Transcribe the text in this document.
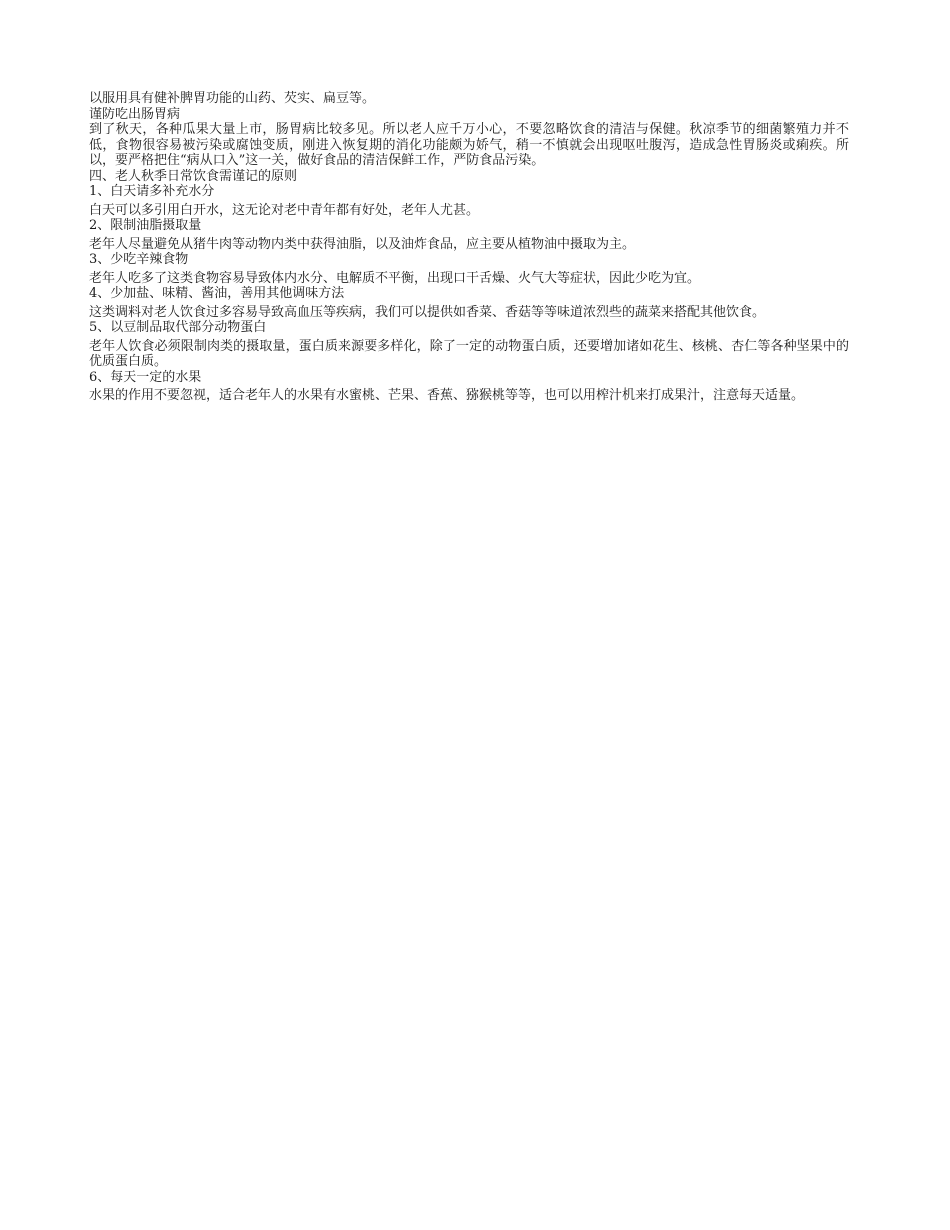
以服用具有健补脾胃功能的山药、芡实、扁豆等。

谨防吃出肠胃病

到了秋天，各种瓜果大量上市，肠胃病比较多见。所以老人应千万小心，不要忽略饮食的清洁与保健。秋凉季节的细菌繁殖力并不低，食物很容易被污染或腐蚀变质，刚进入恢复期的消化功能颇为娇气，稍一不慎就会出现呕吐腹泻，造成急性胃肠炎或痢疾。所以，要严格把住“病从口入”这一关，做好食品的清洁保鲜工作，严防食品污染。

四、老人秋季日常饮食需谨记的原则

1、白天请多补充水分

白天可以多引用白开水，这无论对老中青年都有好处，老年人尤甚。

2、限制油脂摄取量

老年人尽量避免从猪牛肉等动物内类中获得油脂，以及油炸食品，应主要从植物油中摄取为主。

3、少吃辛辣食物

老年人吃多了这类食物容易导致体内水分、电解质不平衡，出现口干舌燥、火气大等症状，因此少吃为宜。

4、少加盐、味精、酱油，善用其他调味方法

这类调料对老人饮食过多容易导致高血压等疾病，我们可以提供如香菜、香菇等等味道浓烈些的蔬菜来搭配其他饮食。

5、以豆制品取代部分动物蛋白

老年人饮食必须限制肉类的摄取量，蛋白质来源要多样化，除了一定的动物蛋白质，还要增加诸如花生、核桃、杏仁等各种坚果中的优质蛋白质。

6、每天一定的水果

水果的作用不要忽视，适合老年人的水果有水蜜桃、芒果、香蕉、猕猴桃等等，也可以用榨汁机来打成果汁，注意每天适量。
